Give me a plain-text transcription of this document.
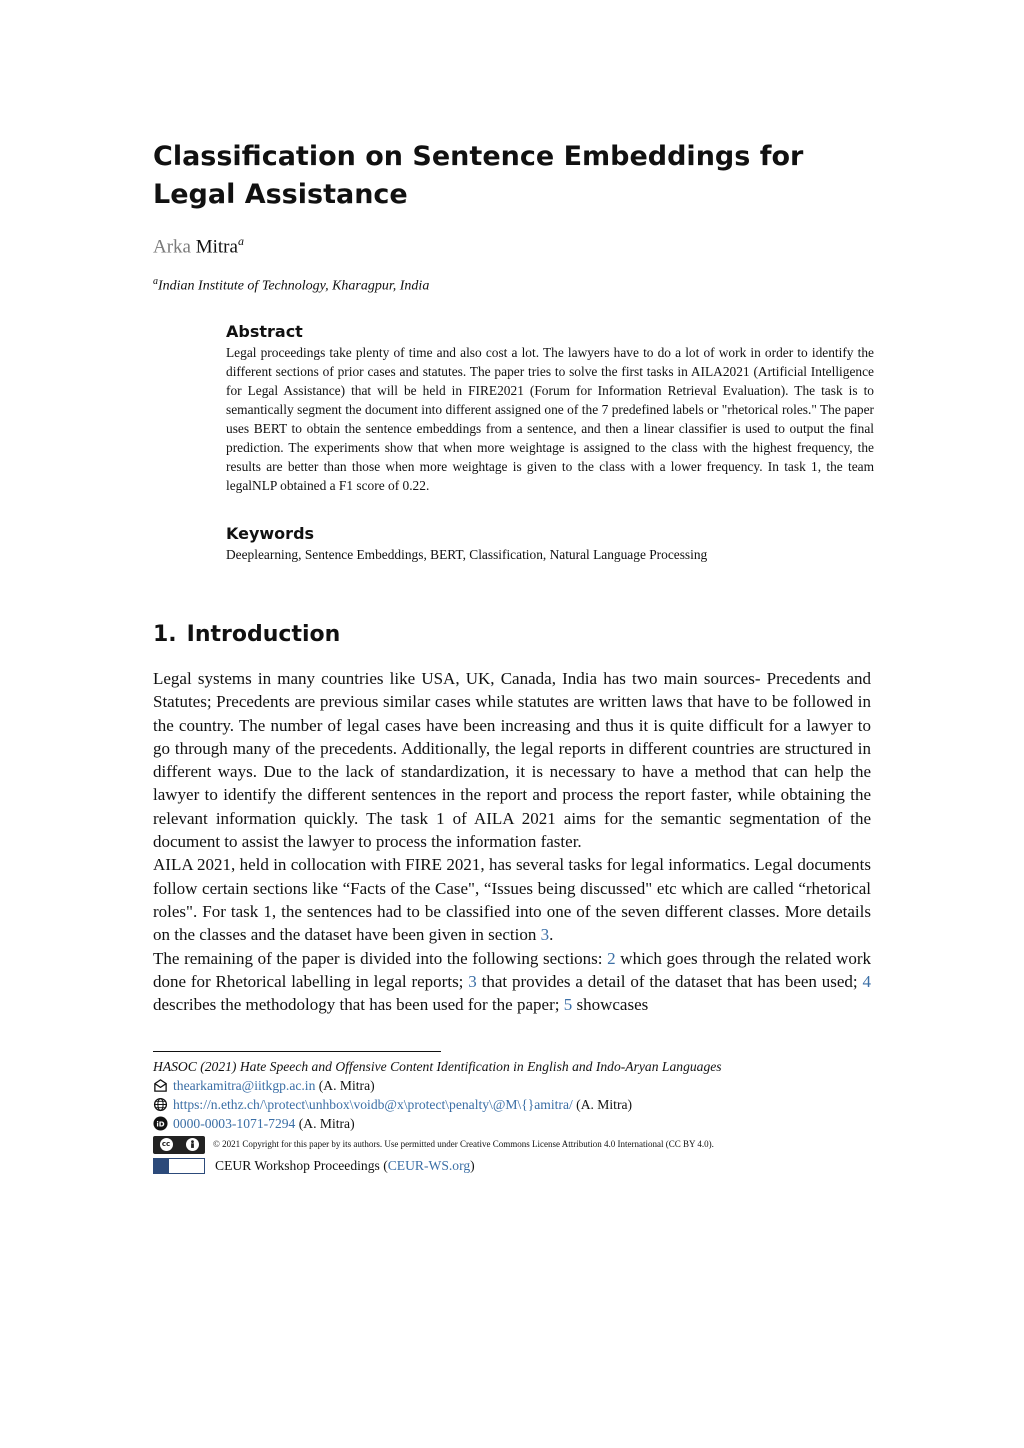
Classification on Sentence Embeddings for Legal Assistance
Arka Mitra$^a$
$^a$Indian Institute of Technology, Kharagpur, India
Abstract
Legal proceedings take plenty of time and also cost a lot. The lawyers have to do a lot of work in order to identify the different sections of prior cases and statutes. The paper tries to solve the first tasks in AILA2021 (Artificial Intelligence for Legal Assistance) that will be held in FIRE2021 (Forum for Information Retrieval Evaluation). The task is to semantically segment the document into different assigned one of the 7 predefined labels or "rhetorical roles." The paper uses BERT to obtain the sentence embeddings from a sentence, and then a linear classifier is used to output the final prediction. The experiments show that when more weightage is assigned to the class with the highest frequency, the results are better than those when more weightage is given to the class with a lower frequency. In task 1, the team legalNLP obtained a F1 score of 0.22.
Keywords
Deeplearning, Sentence Embeddings, BERT, Classification, Natural Language Processing
1. Introduction

Legal systems in many countries like USA, UK, Canada, India has two main sources- Precedents and Statutes; Precedents are previous similar cases while statutes are written laws that have to be followed in the country. The number of legal cases have been increasing and thus it is quite difficult for a lawyer to go through many of the precedents. Additionally, the legal reports in different countries are structured in different ways. Due to the lack of standardization, it is necessary to have a method that can help the lawyer to identify the different sentences in the report and process the report faster, while obtaining the relevant information quickly. The task 1 of AILA 2021 aims for the semantic segmentation of the document to assist the lawyer to process the information faster.

AILA 2021, held in collocation with FIRE 2021, has several tasks for legal informatics. Legal documents follow certain sections like “Facts of the Case", “Issues being discussed" etc which are called “rhetorical roles". For task 1, the sentences had to be classified into one of the seven different classes. More details on the classes and the dataset have been given in section 3.

The remaining of the paper is divided into the following sections: 2 which goes through the related work done for Rhetorical labelling in legal reports; 3 that provides a detail of the dataset that has been used; 4 describes the methodology that has been used for the paper; 5 showcases

HASOC (2021) Hate Speech and Offensive Content Identification in English and Indo-Aryan Languages
thearkamitra@iitkgp.ac.in (A. Mitra)
https://n.ethz.ch/\protect\unhbox\voidb@x\protect\penalty\@M\{}amitra/ (A. Mitra)
iD 0000-0003-1071-7294 (A. Mitra)
cc	© 2021 Copyright for this paper by its authors. Use permitted under Creative Commons License Attribution 4.0 International (CC BY 4.0).
CEUR Workshop Proceedings ( CEUR-WS.org )
